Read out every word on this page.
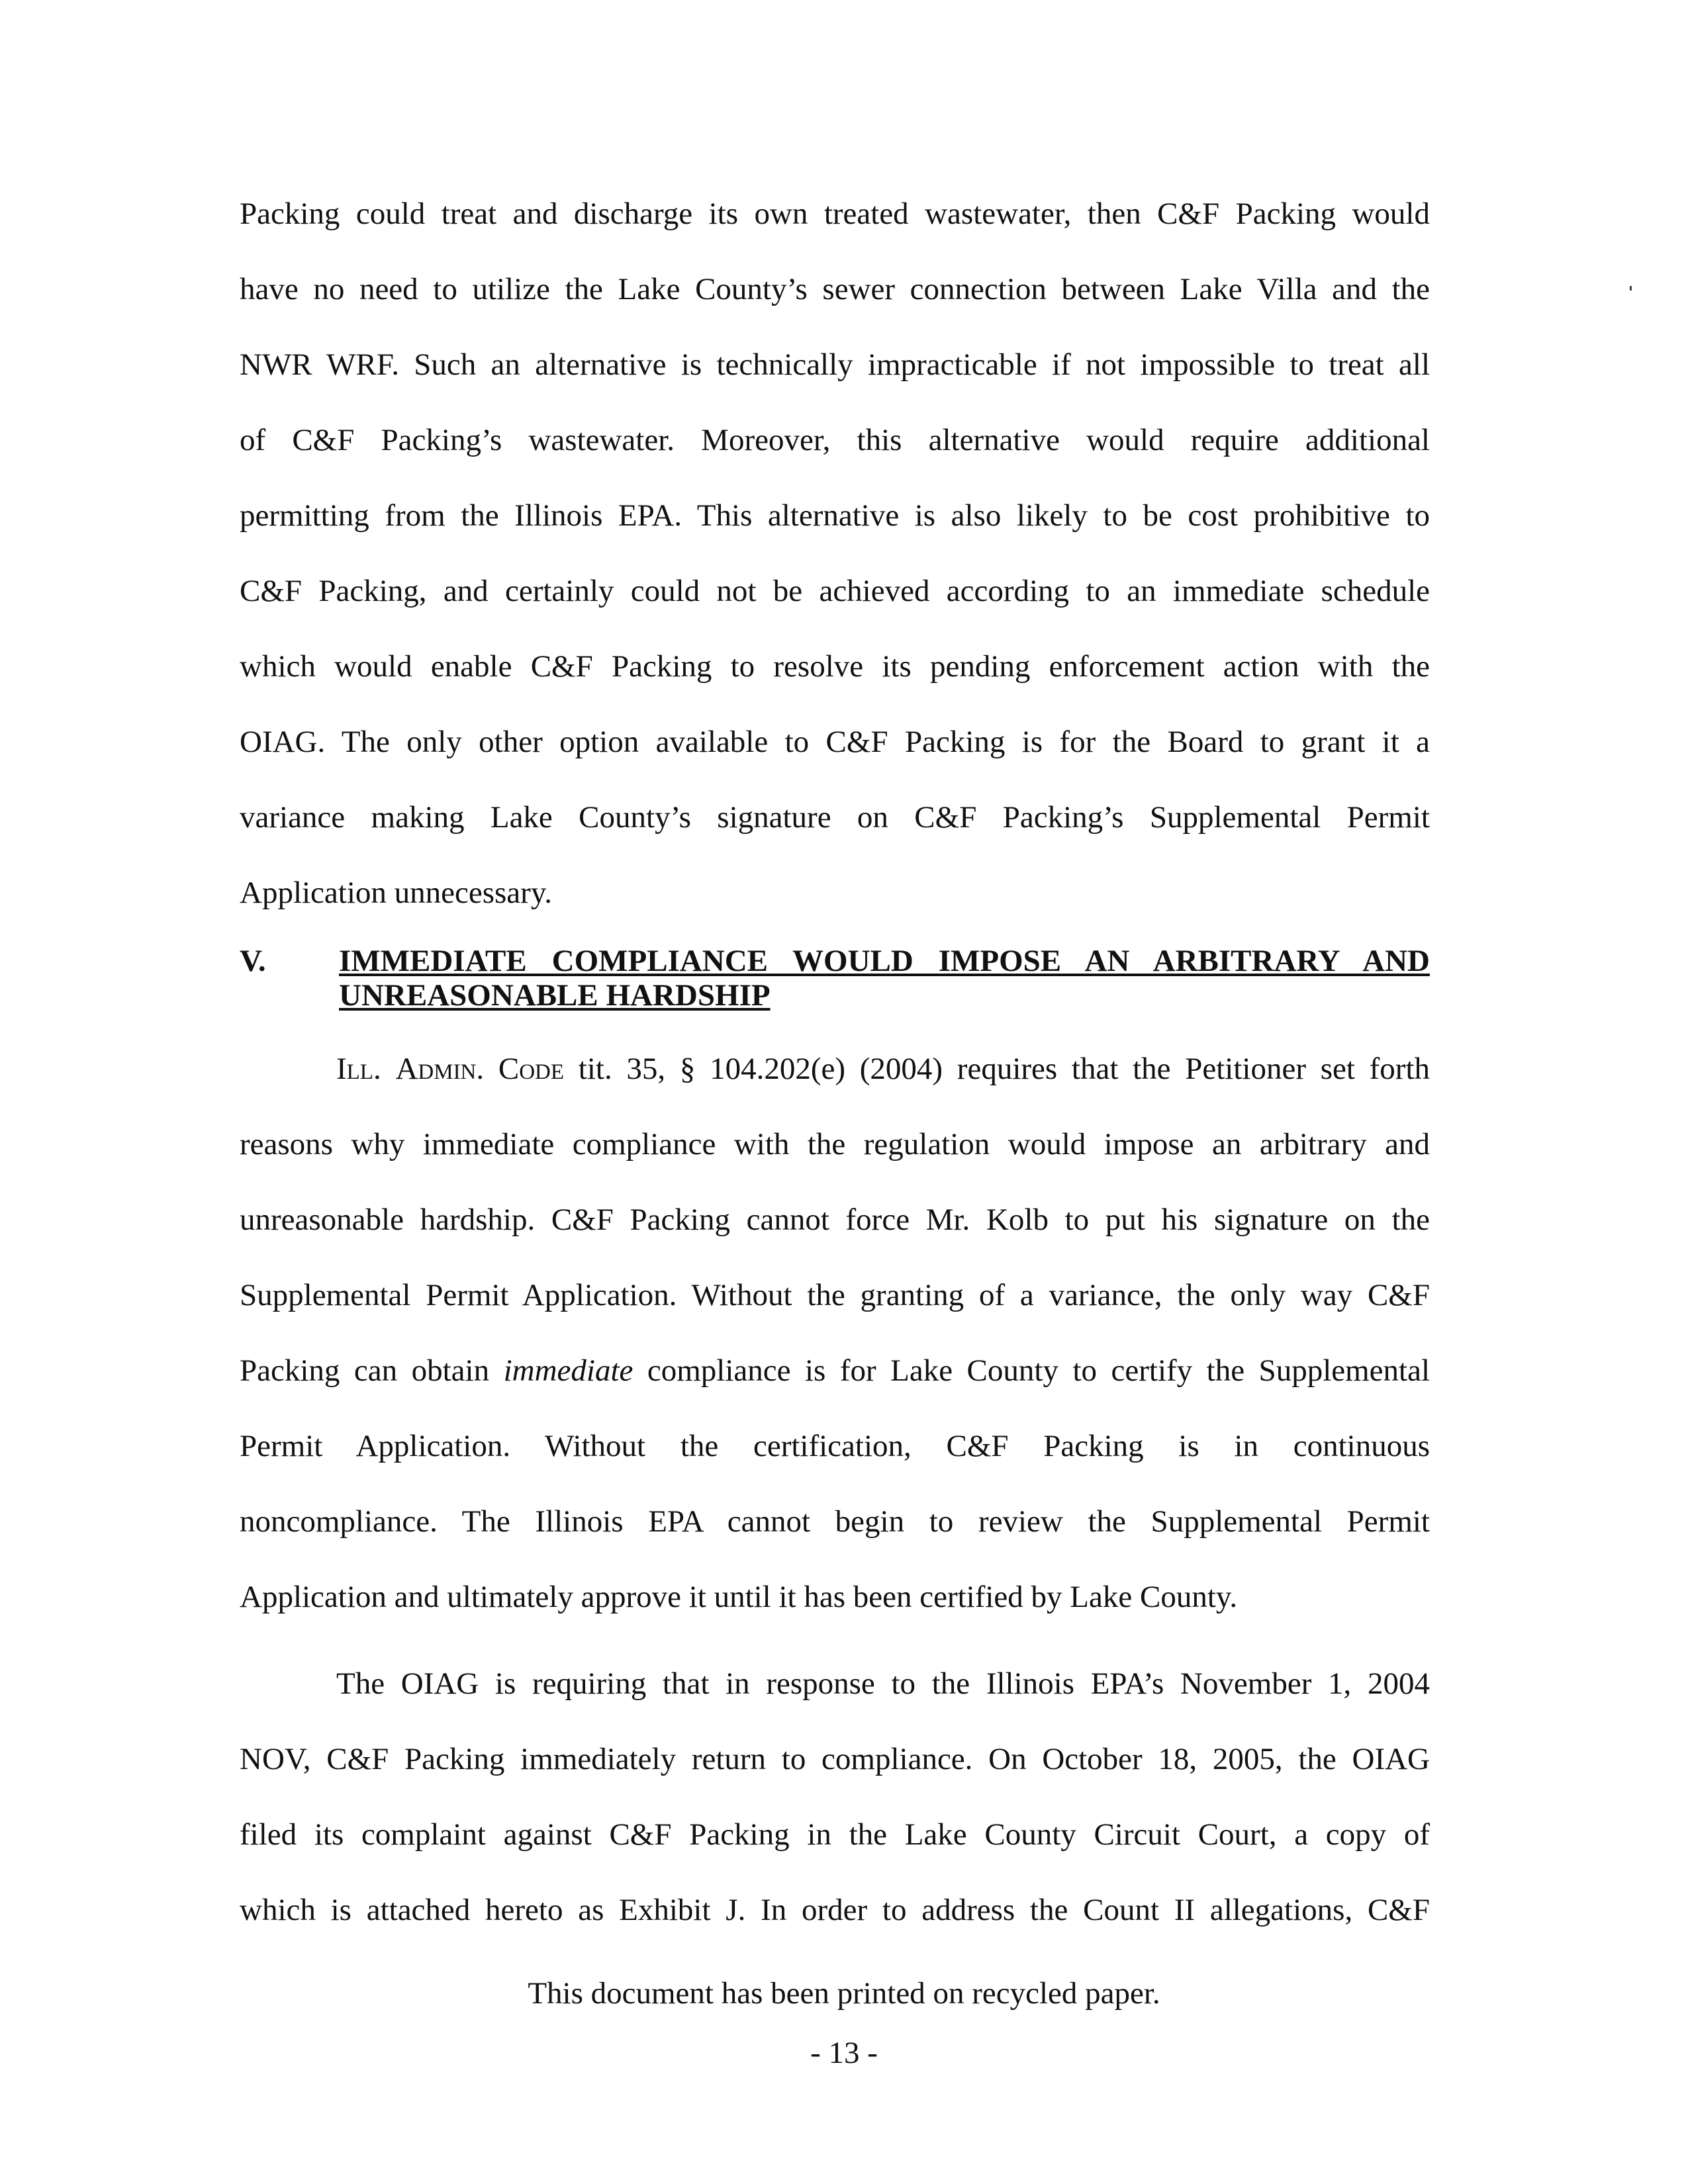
Packing could treat and discharge its own treated wastewater, then C&F Packing would
have no need to utilize the Lake County’s sewer connection between Lake Villa and the
NWR WRF. Such an alternative is technically impracticable if not impossible to treat all
of C&F Packing’s wastewater. Moreover, this alternative would require additional
permitting from the Illinois EPA. This alternative is also likely to be cost prohibitive to
C&F Packing, and certainly could not be achieved according to an immediate schedule
which would enable C&F Packing to resolve its pending enforcement action with the
OIAG. The only other option available to C&F Packing is for the Board to grant it a
variance making Lake County’s signature on C&F Packing’s Supplemental Permit
Application unnecessary.
V. IMMEDIATE COMPLIANCE WOULD IMPOSE AN ARBITRARY AND
UNREASONABLE HARDSHIP
Ill. Admin. Code tit. 35, § 104.202(e) (2004) requires that the Petitioner set forth
reasons why immediate compliance with the regulation would impose an arbitrary and
unreasonable hardship. C&F Packing cannot force Mr. Kolb to put his signature on the
Supplemental Permit Application. Without the granting of a variance, the only way C&F
Packing can obtain immediate compliance is for Lake County to certify the Supplemental
Permit Application. Without the certification, C&F Packing is in continuous
noncompliance. The Illinois EPA cannot begin to review the Supplemental Permit
Application and ultimately approve it until it has been certified by Lake County.
The OIAG is requiring that in response to the Illinois EPA’s November 1, 2004
NOV, C&F Packing immediately return to compliance. On October 18, 2005, the OIAG
filed its complaint against C&F Packing in the Lake County Circuit Court, a copy of
which is attached hereto as Exhibit J. In order to address the Count II allegations, C&F
This document has been printed on recycled paper.
- 13 -
